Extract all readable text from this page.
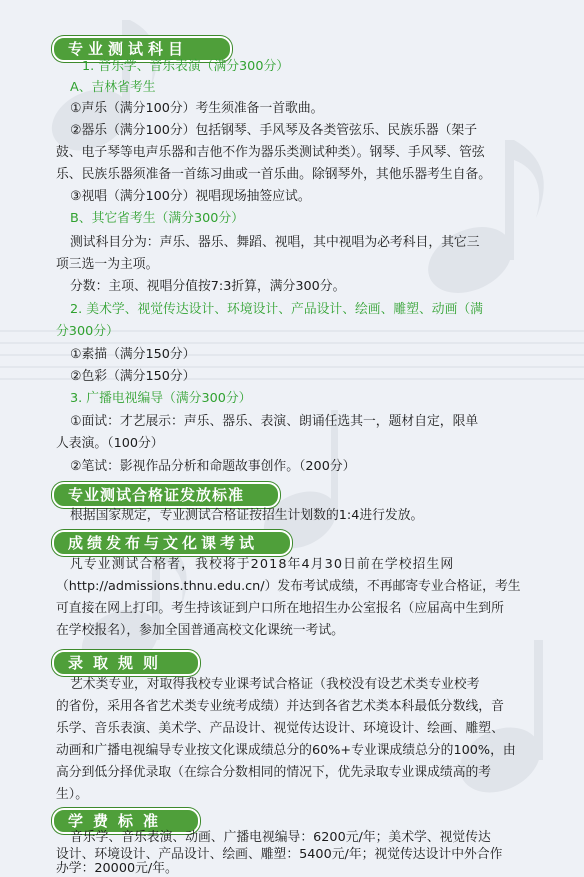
专业测试科目
1. 音乐学、音乐表演（满分300分）
A、吉林省考生
①声乐（满分100分）考生须准备一首歌曲。
②器乐（满分100分）包括钢琴、手风琴及各类管弦乐、民族乐器（架子
鼓、电子琴等电声乐器和吉他不作为器乐类测试种类）。钢琴、手风琴、管弦
乐、民族乐器须准备一首练习曲或一首乐曲。除钢琴外，其他乐器考生自备。
③视唱（满分100分）视唱现场抽签应试。
B、其它省考生（满分300分）
测试科目分为：声乐、器乐、舞蹈、视唱，其中视唱为必考科目，其它三
项三选一为主项。
分数：主项、视唱分值按7:3折算，满分300分。
2. 美术学、视觉传达设计、环境设计、产品设计、绘画、雕塑、动画（满
分300分）
①素描（满分150分）
②色彩（满分150分）
3. 广播电视编导（满分300分）
①面试：才艺展示：声乐、器乐、表演、朗诵任选其一，题材自定，限单
人表演。（100分）
②笔试：影视作品分析和命题故事创作。（200分）
专业测试合格证发放标准
根据国家规定，专业测试合格证按招生计划数的1:4进行发放。
成绩发布与文化课考试
凡专业测试合格者，我校将于2018年4月30日前在学校招生网
（http://admissions.thnu.edu.cn/）发布考试成绩，不再邮寄专业合格证，考生
可直接在网上打印。考生持该证到户口所在地招生办公室报名（应届高中生到所
在学校报名），参加全国普通高校文化课统一考试。
录取规则
艺术类专业，对取得我校专业课考试合格证（我校没有设艺术类专业校考
的省份，采用各省艺术类专业统考成绩）并达到各省艺术类本科最低分数线，音
乐学、音乐表演、美术学、产品设计、视觉传达设计、环境设计、绘画、雕塑、
动画和广播电视编导专业按文化课成绩总分的60%+专业课成绩总分的100%，由
高分到低分择优录取（在综合分数相同的情况下，优先录取专业课成绩高的考
生）。
学费标准
音乐学、音乐表演、动画、广播电视编导：6200元/年；美术学、视觉传达
设计、环境设计、产品设计、绘画、雕塑：5400元/年；视觉传达设计中外合作
办学：20000元/年。
